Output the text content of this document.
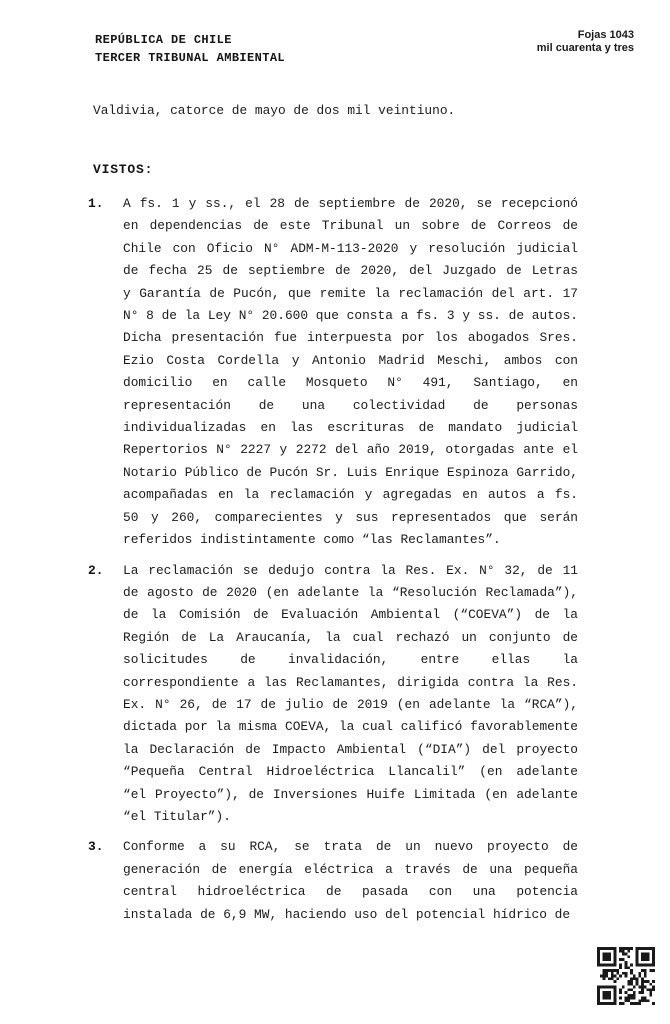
REPÚBLICA DE CHILE
TERCER TRIBUNAL AMBIENTAL
Fojas 1043
mil cuarenta y tres
Valdivia, catorce de mayo de dos mil veintiuno.
VISTOS:
1.	A fs. 1 y ss., el 28 de septiembre de 2020, se recepcionó
en dependencias de este Tribunal un sobre de Correos de
Chile con Oficio N° ADM-M-113-2020 y resolución judicial
de fecha 25 de septiembre de 2020, del Juzgado de Letras
y Garantía de Pucón, que remite la reclamación del art. 17
N° 8 de la Ley N° 20.600 que consta a fs. 3 y ss. de autos.
Dicha presentación fue interpuesta por los abogados Sres.
Ezio Costa Cordella y Antonio Madrid Meschi, ambos con
domicilio en calle Mosqueto N° 491, Santiago, en
representación de una colectividad de personas
individualizadas en las escrituras de mandato judicial
Repertorios N° 2227 y 2272 del año 2019, otorgadas ante el
Notario Público de Pucón Sr. Luis Enrique Espinoza Garrido,
acompañadas en la reclamación y agregadas en autos a fs.
50 y 260, comparecientes y sus representados que serán
referidos indistintamente como “las Reclamantes”.
2.	La reclamación se dedujo contra la Res. Ex. N° 32, de 11
de agosto de 2020 (en adelante la “Resolución Reclamada”),
de la Comisión de Evaluación Ambiental (“COEVA”) de la
Región de La Araucanía, la cual rechazó un conjunto de
solicitudes de invalidación, entre ellas la
correspondiente a las Reclamantes, dirigida contra la Res.
Ex. N° 26, de 17 de julio de 2019 (en adelante la “RCA”),
dictada por la misma COEVA, la cual calificó favorablemente
la Declaración de Impacto Ambiental (“DIA”) del proyecto
“Pequeña Central Hidroeléctrica Llancalil” (en adelante
“el Proyecto”), de Inversiones Huife Limitada (en adelante
“el Titular”).
3.	Conforme a su RCA, se trata de un nuevo proyecto de
generación de energía eléctrica a través de una pequeña
central hidroeléctrica de pasada con una potencia
instalada de 6,9 MW, haciendo uso del potencial hídrico de
